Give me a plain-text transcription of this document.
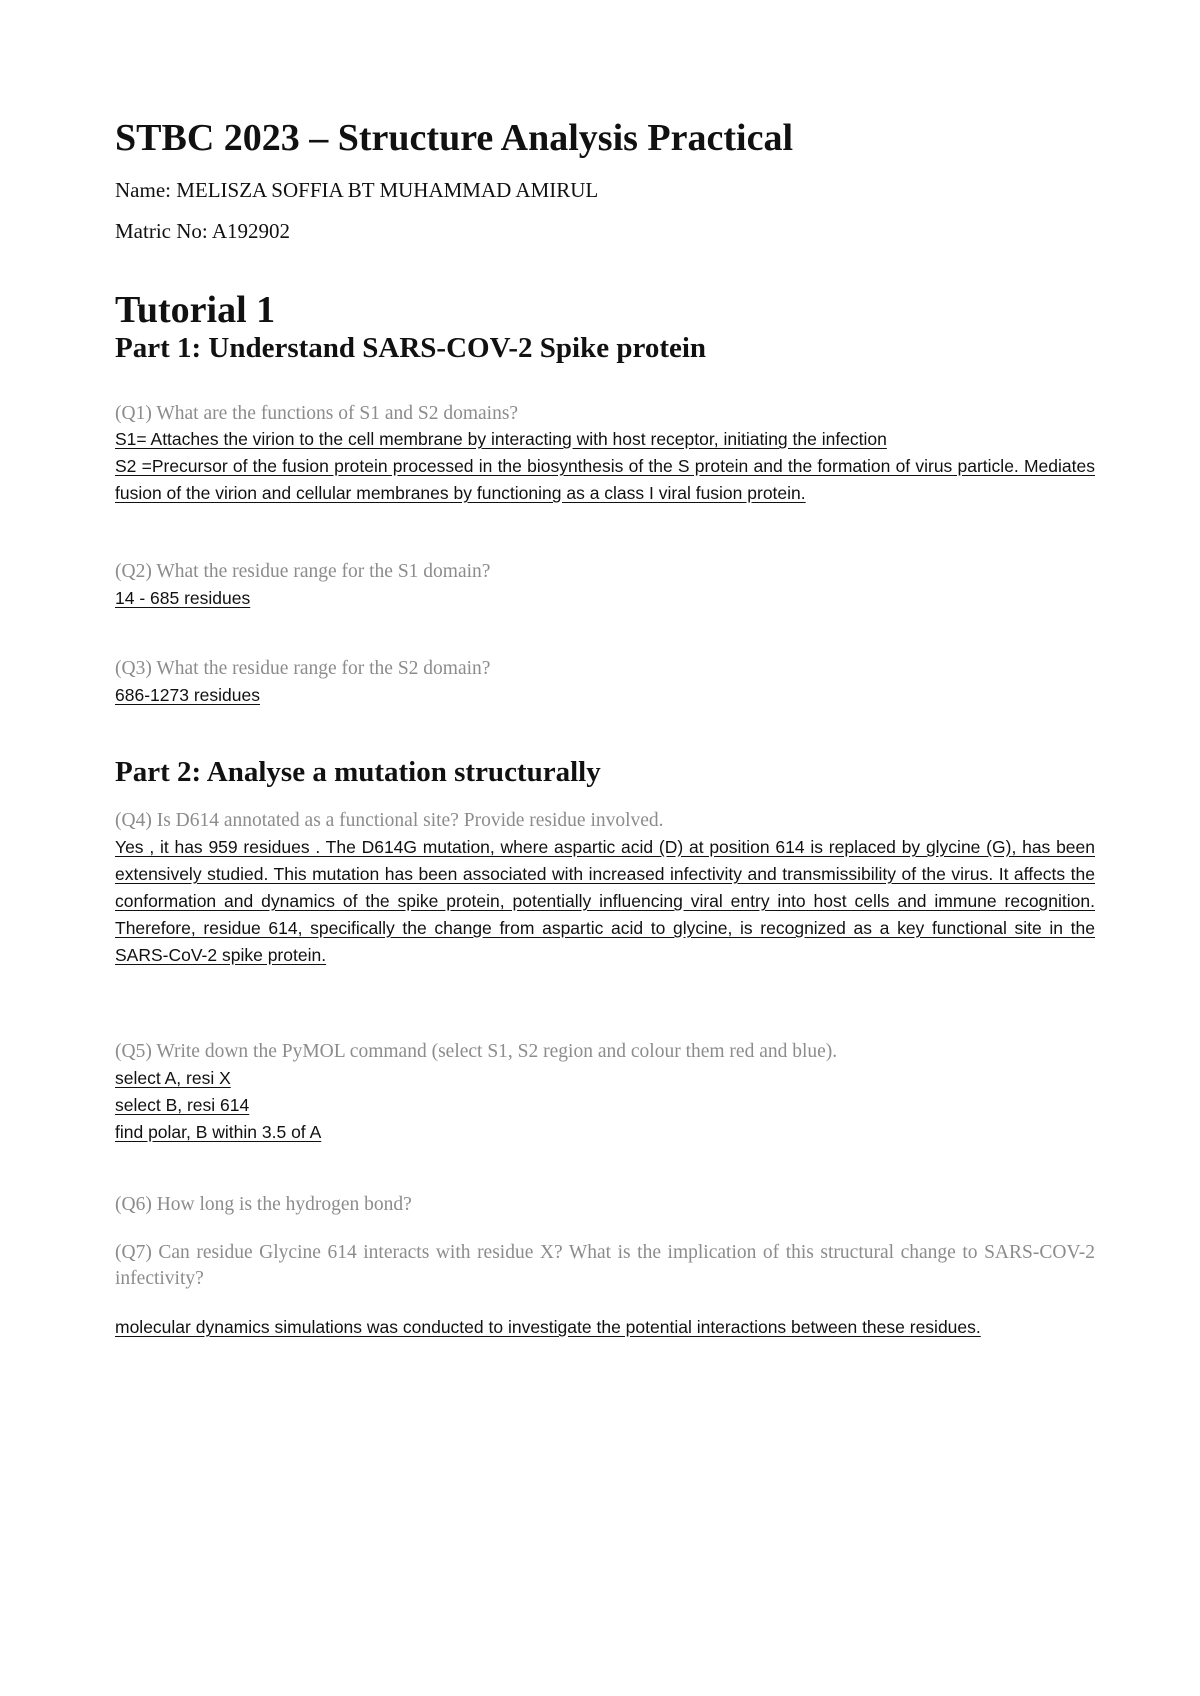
STBC 2023 – Structure Analysis Practical

Name: MELISZA SOFFIA BT MUHAMMAD AMIRUL

Matric No: A192902

Tutorial 1
Part 1: Understand SARS-COV-2 Spike protein

(Q1) What are the functions of S1 and S2 domains?

S1= Attaches the virion to the cell membrane by interacting with host receptor, initiating the infection

S2 =Precursor of the fusion protein processed in the biosynthesis of the S protein and the formation of virus particle. Mediates fusion of the virion and cellular membranes by functioning as a class I viral fusion protein.

(Q2) What the residue range for the S1 domain?

14 - 685 residues

(Q3) What the residue range for the S2 domain?

686-1273 residues

Part 2: Analyse a mutation structurally

(Q4) Is D614 annotated as a functional site? Provide residue involved.

Yes , it has 959 residues . The D614G mutation, where aspartic acid (D) at position 614 is replaced by glycine (G), has been extensively studied. This mutation has been associated with increased infectivity and transmissibility of the virus. It affects the conformation and dynamics of the spike protein, potentially influencing viral entry into host cells and immune recognition. Therefore, residue 614, specifically the change from aspartic acid to glycine, is recognized as a key functional site in the SARS-CoV-2 spike protein.

(Q5) Write down the PyMOL command (select S1, S2 region and colour them red and blue).

select A, resi X

select B, resi 614

find polar, B within 3.5 of A

(Q6) How long is the hydrogen bond?

(Q7) Can residue Glycine 614 interacts with residue X? What is the implication of this structural change to SARS-COV-2 infectivity?

molecular dynamics simulations was conducted to investigate the potential interactions between these residues.
